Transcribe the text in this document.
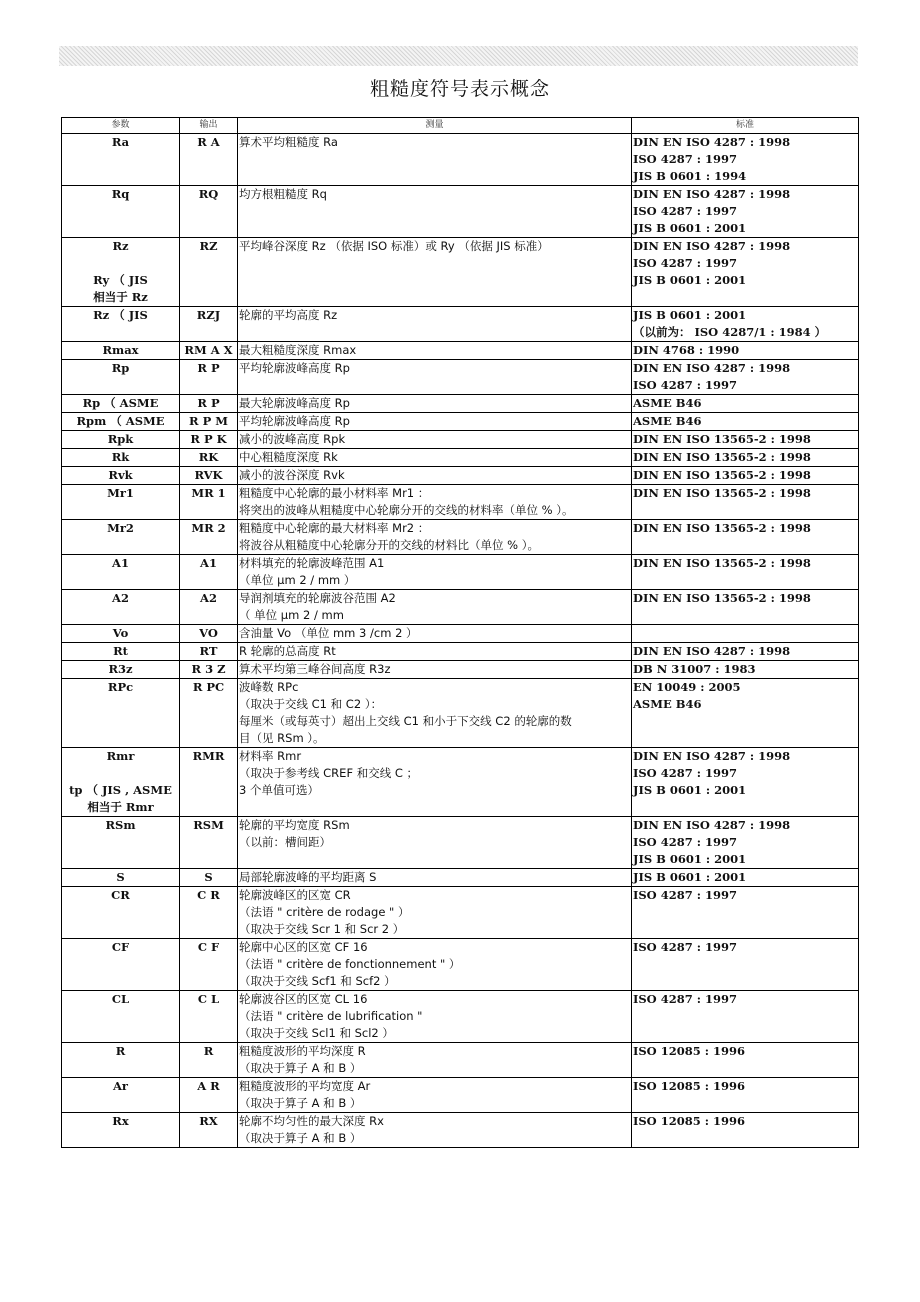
粗糙度符号表示概念
参数	输出	测量	标准

Ra	R A	算术平均粗糙度 Ra	DIN EN ISO 4287 : 1998
ISO 4287 : 1997
JIS B 0601 : 1994

Rq	RQ	均方根粗糙度 Rq	DIN EN ISO 4287 : 1998
ISO 4287 : 1997
JIS B 0601 : 2001

Rz
Ry （ JIS
相当于 Rz	RZ	平均峰谷深度 Rz （依据 ISO 标准）或 Ry （依据 JIS 标准）	DIN EN ISO 4287 : 1998
ISO 4287 : 1997
JIS B 0601 : 2001

Rz （ JIS	RZJ	轮廓的平均高度 Rz	JIS B 0601 : 2001
（以前为： ISO 4287/1 : 1984 ）

Rmax	RM A X	最大粗糙度深度 Rmax	DIN 4768 : 1990

Rp	R P	平均轮廓波峰高度 Rp	DIN EN ISO 4287 : 1998
ISO 4287 : 1997

Rp （ ASME	R P	最大轮廓波峰高度 Rp	ASME B46

Rpm （ ASME	R P M	平均轮廓波峰高度 Rp	ASME B46

Rpk	R P K	减小的波峰高度 Rpk	DIN EN ISO 13565-2 : 1998

Rk	RK	中心粗糙度深度 Rk	DIN EN ISO 13565-2 : 1998

Rvk	RVK	减小的波谷深度 Rvk	DIN EN ISO 13565-2 : 1998

Mr1	MR 1	粗糙度中心轮廓的最小材料率 Mr1 ：
将突出的波峰从粗糙度中心轮廓分开的交线的材料率（单位 % ）。	DIN EN ISO 13565-2 : 1998

Mr2	MR 2	粗糙度中心轮廓的最大材料率 Mr2 ：
将波谷从粗糙度中心轮廓分开的交线的材料比（单位 % ）。	DIN EN ISO 13565-2 : 1998

A1	A1	材料填充的轮廓波峰范围 A1
（单位 μm 2 / mm ）	DIN EN ISO 13565-2 : 1998

A2	A2	导润剂填充的轮廓波谷范围 A2
（ 单位 μm 2 / mm	DIN EN ISO 13565-2 : 1998

Vo	VO	含油量 Vo （单位 mm 3 /cm 2 ）

Rt	RT	R 轮廓的总高度 Rt	DIN EN ISO 4287 : 1998

R3z	R 3 Z	算术平均第三峰谷间高度 R3z	DB N 31007 : 1983

RPc	R PC	波峰数 RPc
（取决于交线 C1 和 C2 ）：
每厘米（或每英寸）超出上交线 C1 和小于下交线 C2 的轮廓的数
目（见 RSm ）。	EN 10049 : 2005
ASME B46

Rmr
tp （ JIS , ASME
相当于 Rmr	RMR	材料率 Rmr
（取决于参考线 CREF 和交线 C ；
3 个单值可选）	DIN EN ISO 4287 : 1998
ISO 4287 : 1997
JIS B 0601 : 2001

RSm	RSM	轮廓的平均宽度 RSm
（以前：槽间距）	DIN EN ISO 4287 : 1998
ISO 4287 : 1997
JIS B 0601 : 2001

S	S	局部轮廓波峰的平均距离 S	JIS B 0601 : 2001

CR	C R	轮廓波峰区的区宽 CR
（法语 " critère de rodage " ）
（取决于交线 Scr 1 和 Scr 2 ）	ISO 4287 : 1997

CF	C F	轮廓中心区的区宽 CF 16
（法语 " critère de fonctionnement " ）
（取决于交线 Scf1 和 Scf2 ）	ISO 4287 : 1997

CL	C L	轮廓波谷区的区宽 CL 16
（法语 " critère de lubrification "
（取决于交线 Scl1 和 Scl2 ）	ISO 4287 : 1997

R	R	粗糙度波形的平均深度 R
（取决于算子 A 和 B ）	ISO 12085 : 1996

Ar	A R	粗糙度波形的平均宽度 Ar
（取决于算子 A 和 B ）	ISO 12085 : 1996

Rx	RX	轮廓不均匀性的最大深度 Rx
（取决于算子 A 和 B ）	ISO 12085 : 1996
